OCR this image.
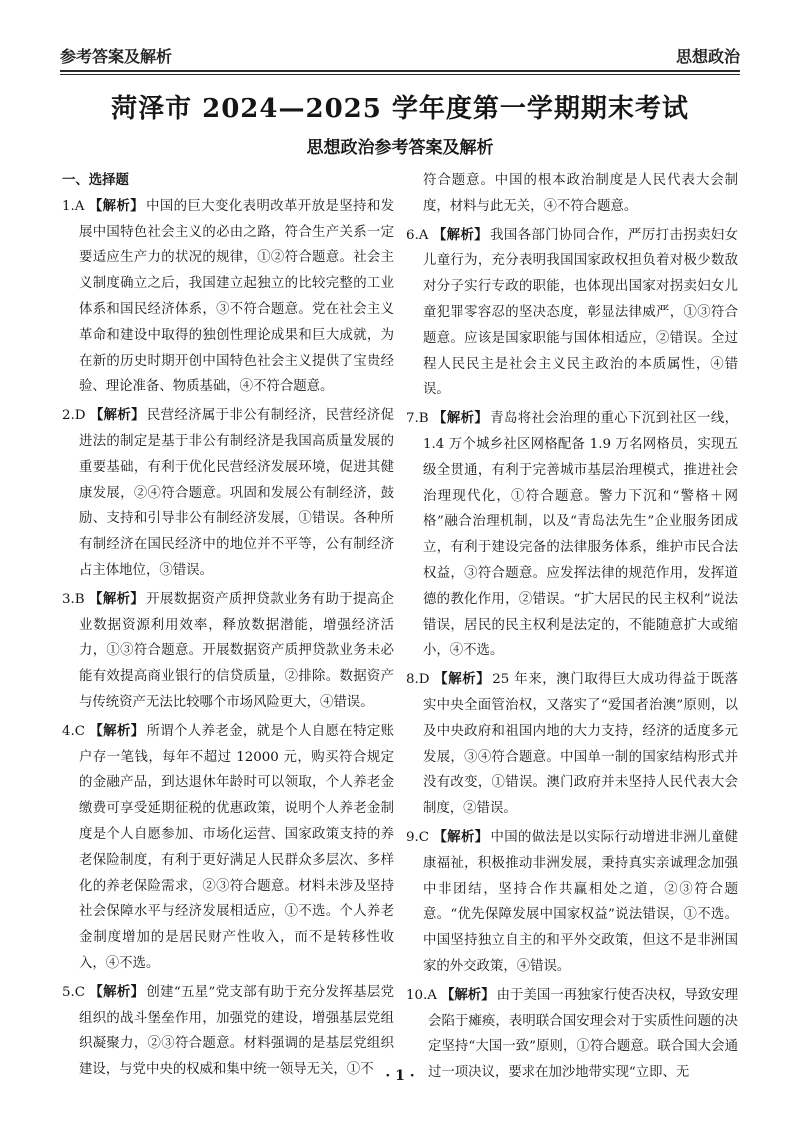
参考答案及解析	思想政治
菏泽市 2024—2025 学年度第一学期期末考试
思想政治参考答案及解析

一、选择题

1.A 【解析】 中国的巨大变化表明改革开放是坚持和发展中国特色社会主义的必由之路，符合生产关系一定要适应生产力的状况的规律，①②符合题意。社会主义制度确立之后，我国建立起独立的比较完整的工业体系和国民经济体系，③不符合题意。党在社会主义革命和建设中取得的独创性理论成果和巨大成就，为在新的历史时期开创中国特色社会主义提供了宝贵经验、理论准备、物质基础，④不符合题意。

2.D 【解析】 民营经济属于非公有制经济，民营经济促进法的制定是基于非公有制经济是我国高质量发展的重要基础，有利于优化民营经济发展环境，促进其健康发展，②④符合题意。巩固和发展公有制经济，鼓励、支持和引导非公有制经济发展，①错误。各种所有制经济在国民经济中的地位并不平等，公有制经济占主体地位，③错误。

3.B 【解析】 开展数据资产质押贷款业务有助于提高企业数据资源利用效率，释放数据潜能，增强经济活力，①③符合题意。开展数据资产质押贷款业务未必能有效提高商业银行的信贷质量，②排除。数据资产与传统资产无法比较哪个市场风险更大，④错误。

4.C 【解析】 所谓个人养老金，就是个人自愿在特定账户存一笔钱，每年不超过 12000 元，购买符合规定的金融产品，到达退休年龄时可以领取，个人养老金缴费可享受延期征税的优惠政策，说明个人养老金制度是个人自愿参加、市场化运营、国家政策支持的养老保险制度，有利于更好满足人民群众多层次、多样化的养老保险需求，②③符合题意。材料未涉及坚持社会保障水平与经济发展相适应，①不选。个人养老金制度增加的是居民财产性收入，而不是转移性收入，④不选。

5.C 【解析】 创建“五星”党支部有助于充分发挥基层党组织的战斗堡垒作用，加强党的建设，增强基层党组织凝聚力，②③符合题意。材料强调的是基层党组织建设，与党中央的权威和集中统一领导无关，①不

符合题意。中国的根本政治制度是人民代表大会制度，材料与此无关，④不符合题意。

6.A 【解析】 我国各部门协同合作，严厉打击拐卖妇女儿童行为，充分表明我国国家政权担负着对极少数敌对分子实行专政的职能，也体现出国家对拐卖妇女儿童犯罪零容忍的坚决态度，彰显法律威严，①③符合题意。应该是国家职能与国体相适应，②错误。全过程人民民主是社会主义民主政治的本质属性，④错误。

7.B 【解析】 青岛将社会治理的重心下沉到社区一线，1.4 万个城乡社区网格配备 1.9 万名网格员，实现五级全贯通，有利于完善城市基层治理模式，推进社会治理现代化，①符合题意。警力下沉和“警格＋网格”融合治理机制，以及“青岛法先生”企业服务团成立，有利于建设完备的法律服务体系，维护市民合法权益，③符合题意。应发挥法律的规范作用，发挥道德的教化作用，②错误。“扩大居民的民主权利”说法错误，居民的民主权利是法定的，不能随意扩大或缩小，④不选。

8.D 【解析】 25 年来，澳门取得巨大成功得益于既落实中央全面管治权，又落实了“爱国者治澳”原则，以及中央政府和祖国内地的大力支持，经济的适度多元发展，③④符合题意。中国单一制的国家结构形式并没有改变，①错误。澳门政府并未坚持人民代表大会制度，②错误。

9.C 【解析】 中国的做法是以实际行动增进非洲儿童健康福祉，积极推动非洲发展，秉持真实亲诚理念加强中非团结，坚持合作共赢相处之道，②③符合题意。“优先保障发展中国家权益”说法错误，①不选。中国坚持独立自主的和平外交政策，但这不是非洲国家的外交政策，④错误。

10.A 【解析】 由于美国一再独家行使否决权，导致安理会陷于瘫痪，表明联合国安理会对于实质性问题的决定坚持“大国一致”原则，①符合题意。联合国大会通过一项决议，要求在加沙地带实现“立即、无

· 1 ·
